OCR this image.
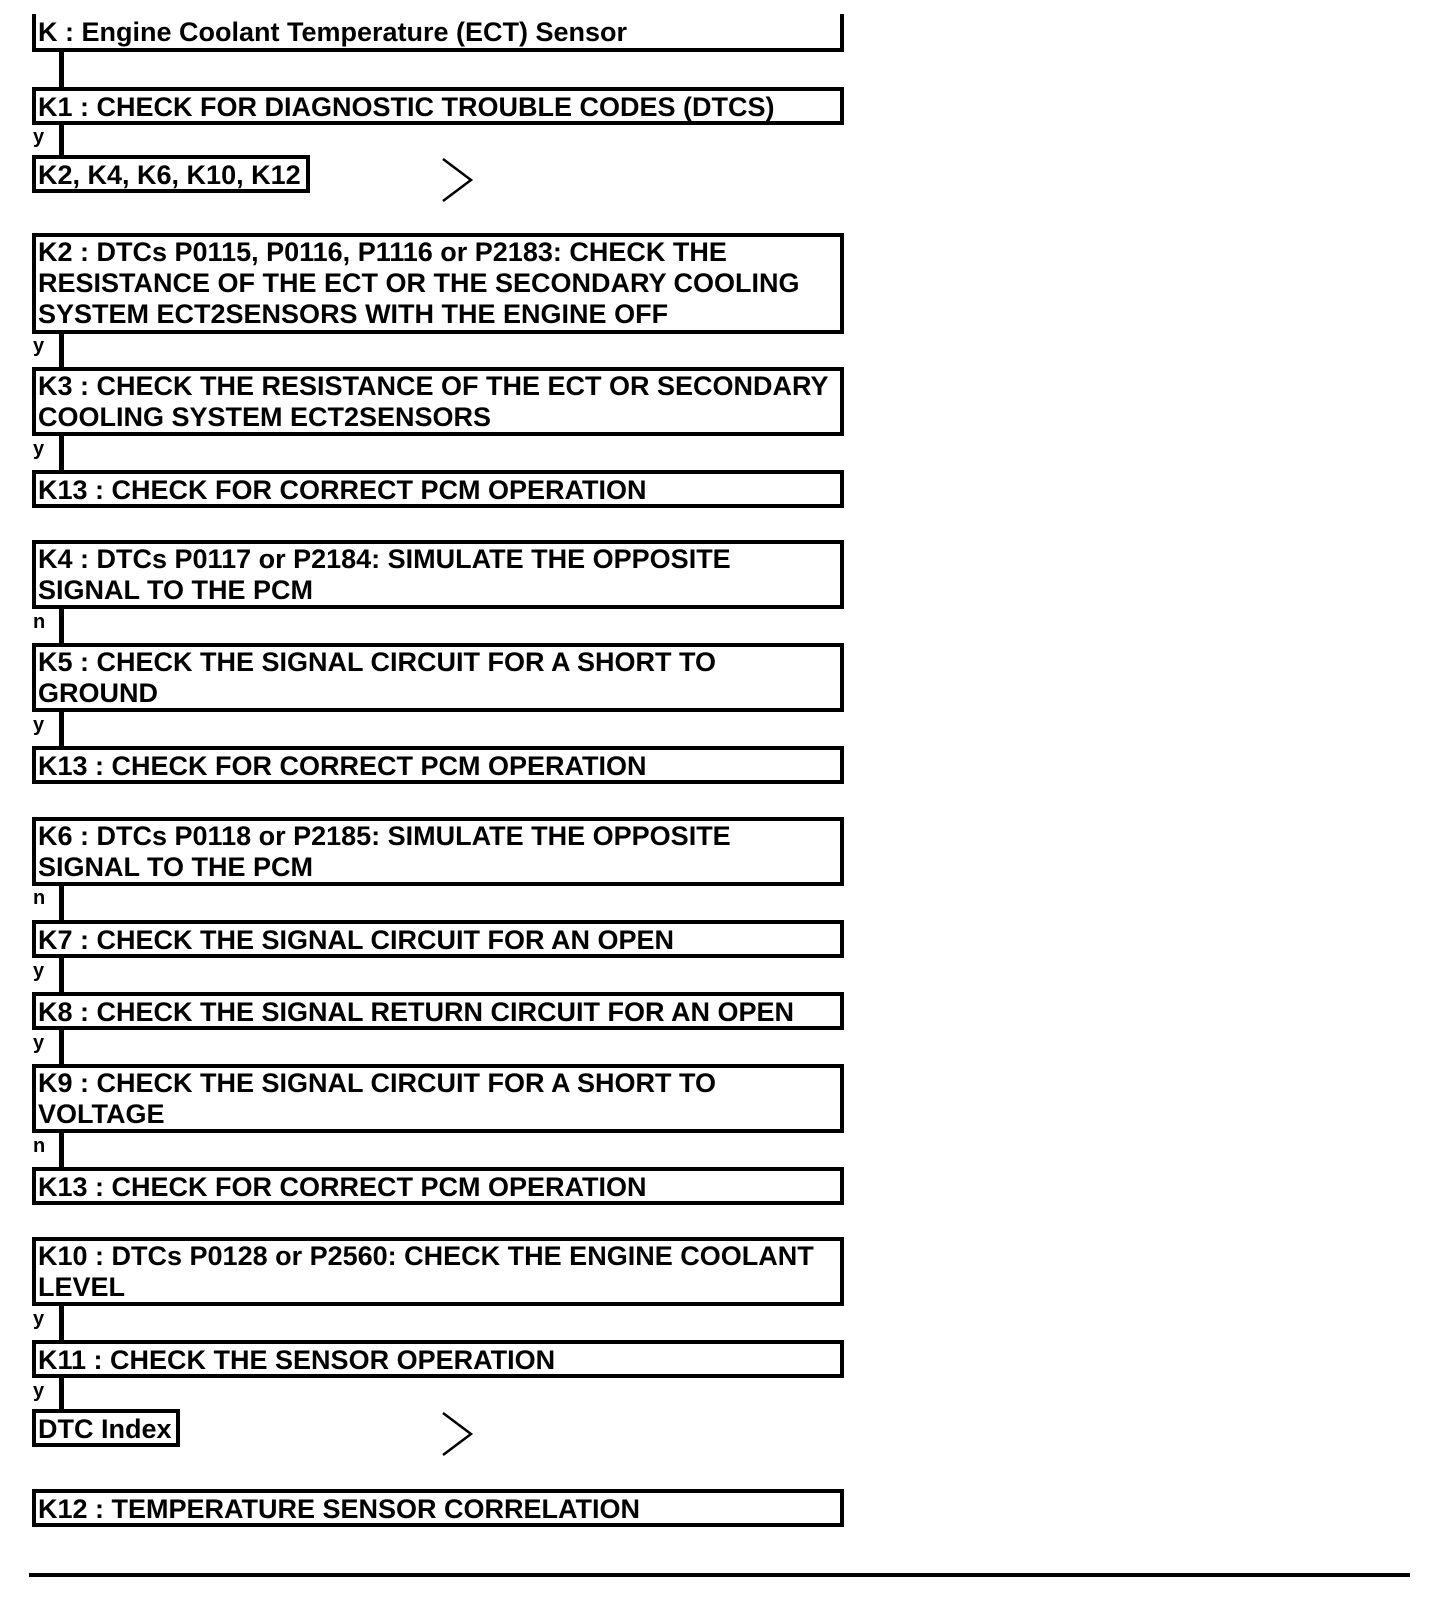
K : Engine Coolant Temperature (ECT) Sensor
K1 : CHECK FOR DIAGNOSTIC TROUBLE CODES (DTCS)
y
K2, K4, K6, K10, K12
K2 : DTCs P0115, P0116, P1116 or P2183: CHECK THE RESISTANCE OF THE ECT OR THE SECONDARY COOLING SYSTEM ECT2SENSORS WITH THE ENGINE OFF
y
K3 : CHECK THE RESISTANCE OF THE ECT OR SECONDARY COOLING SYSTEM ECT2SENSORS
y
K13 : CHECK FOR CORRECT PCM OPERATION
K4 : DTCs P0117 or P2184: SIMULATE THE OPPOSITE SIGNAL TO THE PCM
n
K5 : CHECK THE SIGNAL CIRCUIT FOR A SHORT TO GROUND
y
K13 : CHECK FOR CORRECT PCM OPERATION
K6 : DTCs P0118 or P2185: SIMULATE THE OPPOSITE SIGNAL TO THE PCM
n
K7 : CHECK THE SIGNAL CIRCUIT FOR AN OPEN
y
K8 : CHECK THE SIGNAL RETURN CIRCUIT FOR AN OPEN
y
K9 : CHECK THE SIGNAL CIRCUIT FOR A SHORT TO VOLTAGE
n
K13 : CHECK FOR CORRECT PCM OPERATION
K10 : DTCs P0128 or P2560: CHECK THE ENGINE COOLANT LEVEL
y
K11 : CHECK THE SENSOR OPERATION
y
DTC Index
K12 : TEMPERATURE SENSOR CORRELATION
